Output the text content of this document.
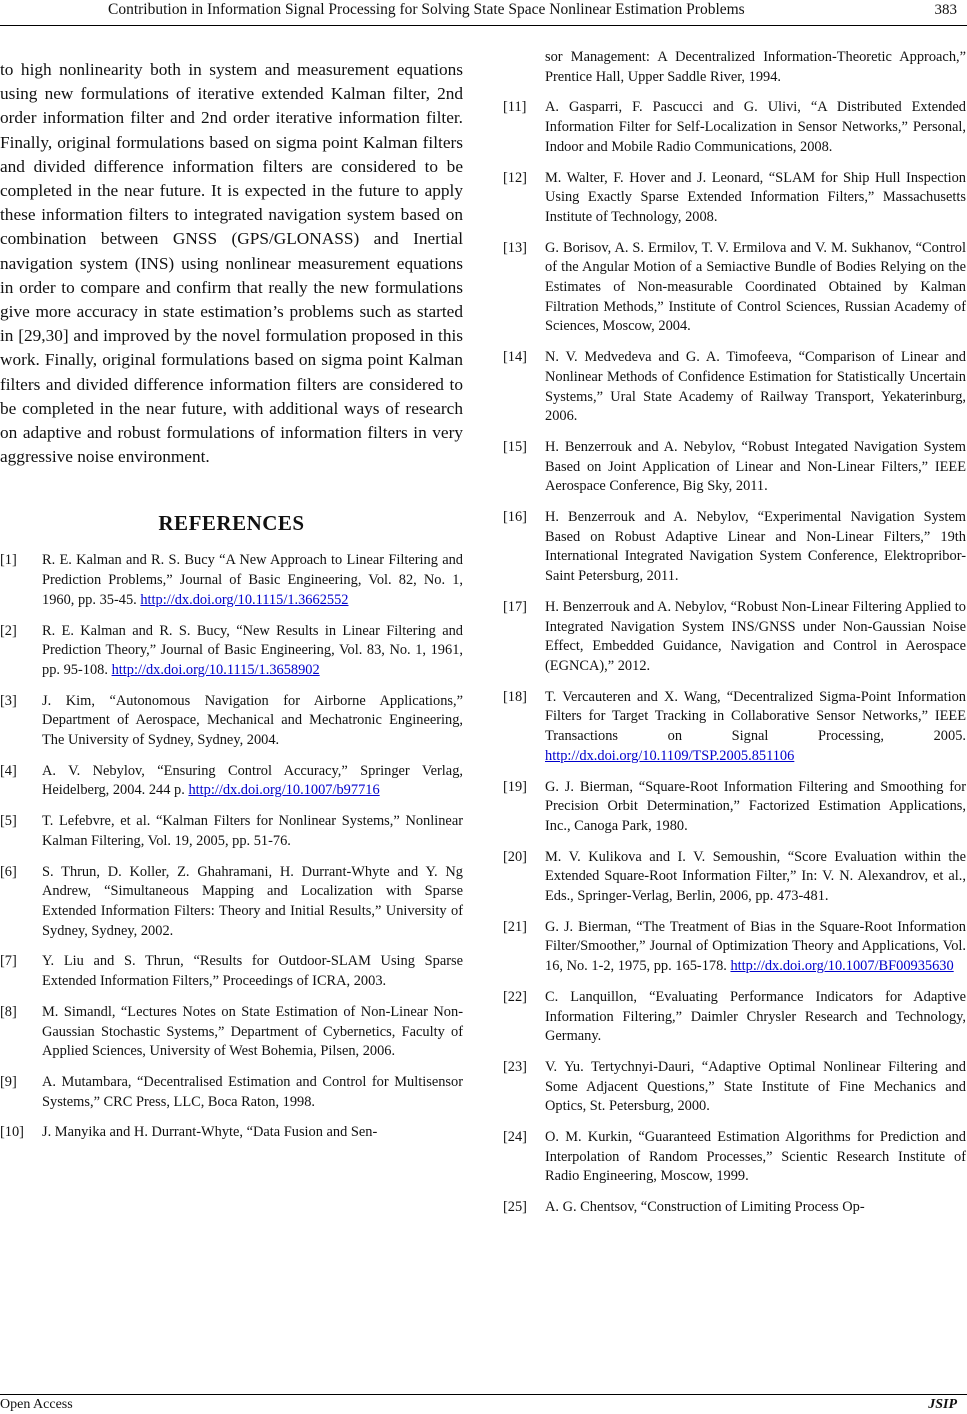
Contribution in Information Signal Processing for Solving State Space Nonlinear Estimation Problems	383

to high nonlinearity both in system and measurement equations using new formulations of iterative extended Kalman filter, 2nd order information filter and 2nd order iterative information filter. Finally, original formulations based on sigma point Kalman filters and divided difference information filters are considered to be completed in the near future. It is expected in the future to apply these information filters to integrated navigation system based on combination between GNSS (GPS/GLONASS) and Inertial navigation system (INS) using nonlinear measurement equations in order to compare and confirm that really the new formulations give more accuracy in state estimation’s problems such as started in [29,30] and improved by the novel formulation proposed in this work. Finally, original formulations based on sigma point Kalman filters and divided difference information filters are considered to be completed in the near future, with additional ways of research on adaptive and robust formulations of information filters in very aggressive noise environment.

REFERENCES
[1]	R. E. Kalman and R. S. Bucy “A New Approach to Linear Filtering and Prediction Problems,” Journal of Basic Engineering, Vol. 82, No. 1, 1960, pp. 35-45. http://dx.doi.org/10.1115/1.3662552
[2]	R. E. Kalman and R. S. Bucy, “New Results in Linear Filtering and Prediction Theory,” Journal of Basic Engineering, Vol. 83, No. 1, 1961, pp. 95-108. http://dx.doi.org/10.1115/1.3658902
[3]	J. Kim, “Autonomous Navigation for Airborne Applications,” Department of Aerospace, Mechanical and Mechatronic Engineering, The University of Sydney, Sydney, 2004.
[4]	A. V. Nebylov, “Ensuring Control Accuracy,” Springer Verlag, Heidelberg, 2004. 244 p. http://dx.doi.org/10.1007/b97716
[5]	T. Lefebvre, et al. “Kalman Filters for Nonlinear Systems,” Nonlinear Kalman Filtering, Vol. 19, 2005, pp. 51-76.
[6]	S. Thrun, D. Koller, Z. Ghahramani, H. Durrant-Whyte and Y. Ng Andrew, “Simultaneous Mapping and Localization with Sparse Extended Information Filters: Theory and Initial Results,” University of Sydney, Sydney, 2002.
[7]	Y. Liu and S. Thrun, “Results for Outdoor-SLAM Using Sparse Extended Information Filters,” Proceedings of ICRA, 2003.
[8]	M. Simandl, “Lectures Notes on State Estimation of Non-Linear Non-Gaussian Stochastic Systems,” Department of Cybernetics, Faculty of Applied Sciences, University of West Bohemia, Pilsen, 2006.
[9]	A. Mutambara, “Decentralised Estimation and Control for Multisensor Systems,” CRC Press, LLC, Boca Raton, 1998.
[10]	J. Manyika and H. Durrant-Whyte, “Data Fusion and Sen-
sor Management: A Decentralized Information-Theoretic Approach,” Prentice Hall, Upper Saddle River, 1994.
[11]	A. Gasparri, F. Pascucci and G. Ulivi, “A Distributed Extended Information Filter for Self-Localization in Sensor Networks,” Personal, Indoor and Mobile Radio Communications, 2008.
[12]	M. Walter, F. Hover and J. Leonard, “SLAM for Ship Hull Inspection Using Exactly Sparse Extended Information Filters,” Massachusetts Institute of Technology, 2008.
[13]	G. Borisov, A. S. Ermilov, T. V. Ermilova and V. M. Sukhanov, “Control of the Angular Motion of a Semiactive Bundle of Bodies Relying on the Estimates of Non-measurable Coordinated Obtained by Kalman Filtration Methods,” Institute of Control Sciences, Russian Academy of Sciences, Moscow, 2004.
[14]	N. V. Medvedeva and G. A. Timofeeva, “Comparison of Linear and Nonlinear Methods of Confidence Estimation for Statistically Uncertain Systems,” Ural State Academy of Railway Transport, Yekaterinburg, 2006.
[15]	H. Benzerrouk and A. Nebylov, “Robust Integated Navigation System Based on Joint Application of Linear and Non-Linear Filters,” IEEE Aerospace Conference, Big Sky, 2011.
[16]	H. Benzerrouk and A. Nebylov, “Experimental Navigation System Based on Robust Adaptive Linear and Non-Linear Filters,” 19th International Integrated Navigation System Conference, Elektropribor-Saint Petersburg, 2011.
[17]	H. Benzerrouk and A. Nebylov, “Robust Non-Linear Filtering Applied to Integrated Navigation System INS/GNSS under Non-Gaussian Noise Effect, Embedded Guidance, Navigation and Control in Aerospace (EGNCA),” 2012.
[18]	T. Vercauteren and X. Wang, “Decentralized Sigma-Point Information Filters for Target Tracking in Collaborative Sensor Networks,” IEEE Transactions on Signal Processing, 2005. http://dx.doi.org/10.1109/TSP.2005.851106
[19]	G. J. Bierman, “Square-Root Information Filtering and Smoothing for Precision Orbit Determination,” Factorized Estimation Applications, Inc., Canoga Park, 1980.
[20]	M. V. Kulikova and I. V. Semoushin, “Score Evaluation within the Extended Square-Root Information Filter,” In: V. N. Alexandrov, et al., Eds., Springer-Verlag, Berlin, 2006, pp. 473-481.
[21]	G. J. Bierman, “The Treatment of Bias in the Square-Root Information Filter/Smoother,” Journal of Optimization Theory and Applications, Vol. 16, No. 1-2, 1975, pp. 165-178. http://dx.doi.org/10.1007/BF00935630
[22]	C. Lanquillon, “Evaluating Performance Indicators for Adaptive Information Filtering,” Daimler Chrysler Research and Technology, Germany.
[23]	V. Yu. Tertychnyi-Dauri, “Adaptive Optimal Nonlinear Filtering and Some Adjacent Questions,” State Institute of Fine Mechanics and Optics, St. Petersburg, 2000.
[24]	O. M. Kurkin, “Guaranteed Estimation Algorithms for Prediction and Interpolation of Random Processes,” Scientic Research Institute of Radio Engineering, Moscow, 1999.
[25]	A. G. Chentsov, “Construction of Limiting Process Op-
Open Access	JSIP
